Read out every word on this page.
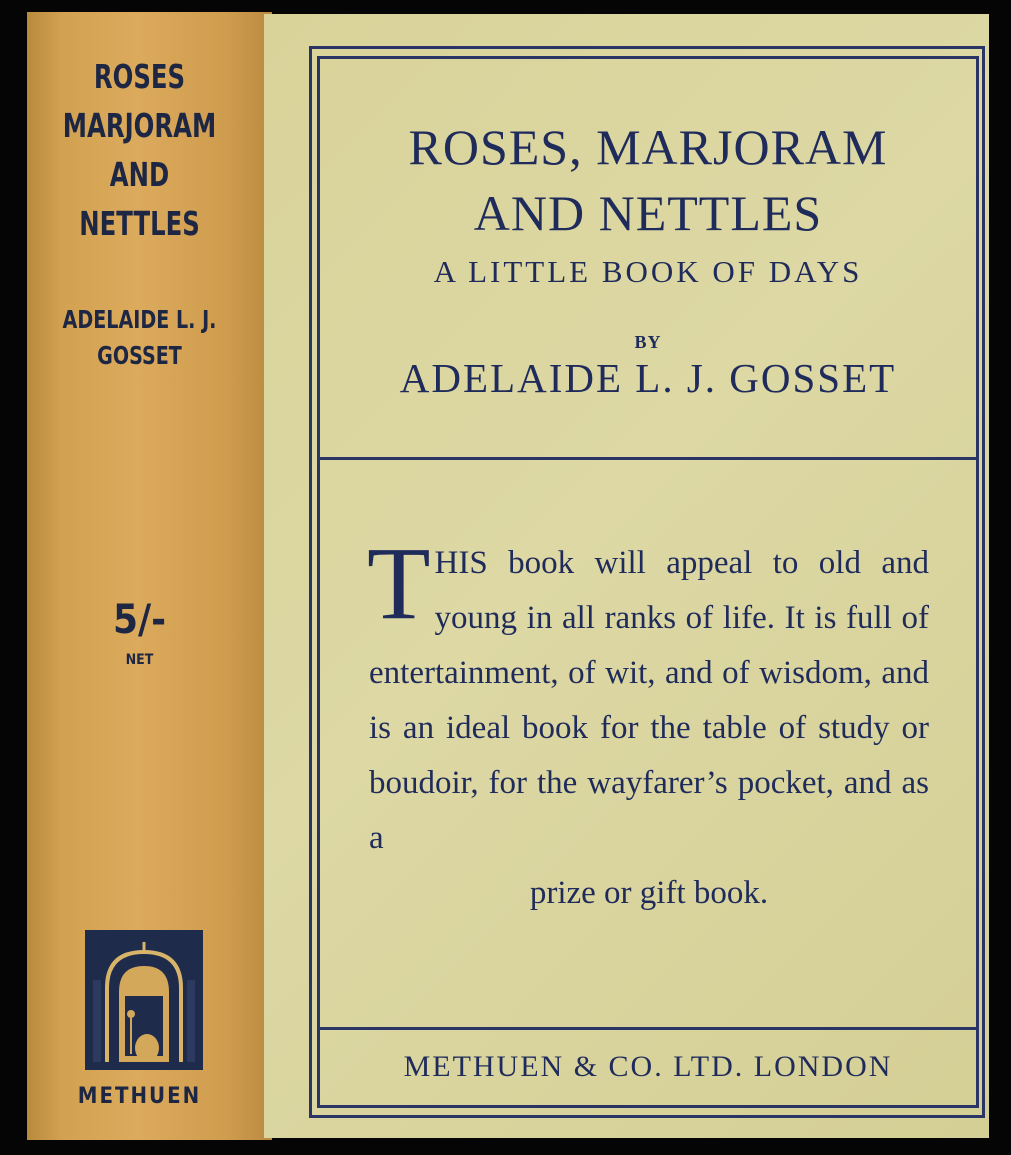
ROSES
MARJORAM
AND
NETTLES
ADELAIDE L. J.
GOSSET
5/-
NET
METHUEN
ROSES, MARJORAM
AND NETTLES
A LITTLE BOOK OF DAYS
BY
ADELAIDE L. J. GOSSET
T HIS book will appeal to old and young in all ranks of life. It is full of entertainment, of wit, and of wisdom, and is an ideal book for the table of study or boudoir, for the wayfarer’s pocket, and as a
prize or gift book.
METHUEN & CO. LTD. LONDON
